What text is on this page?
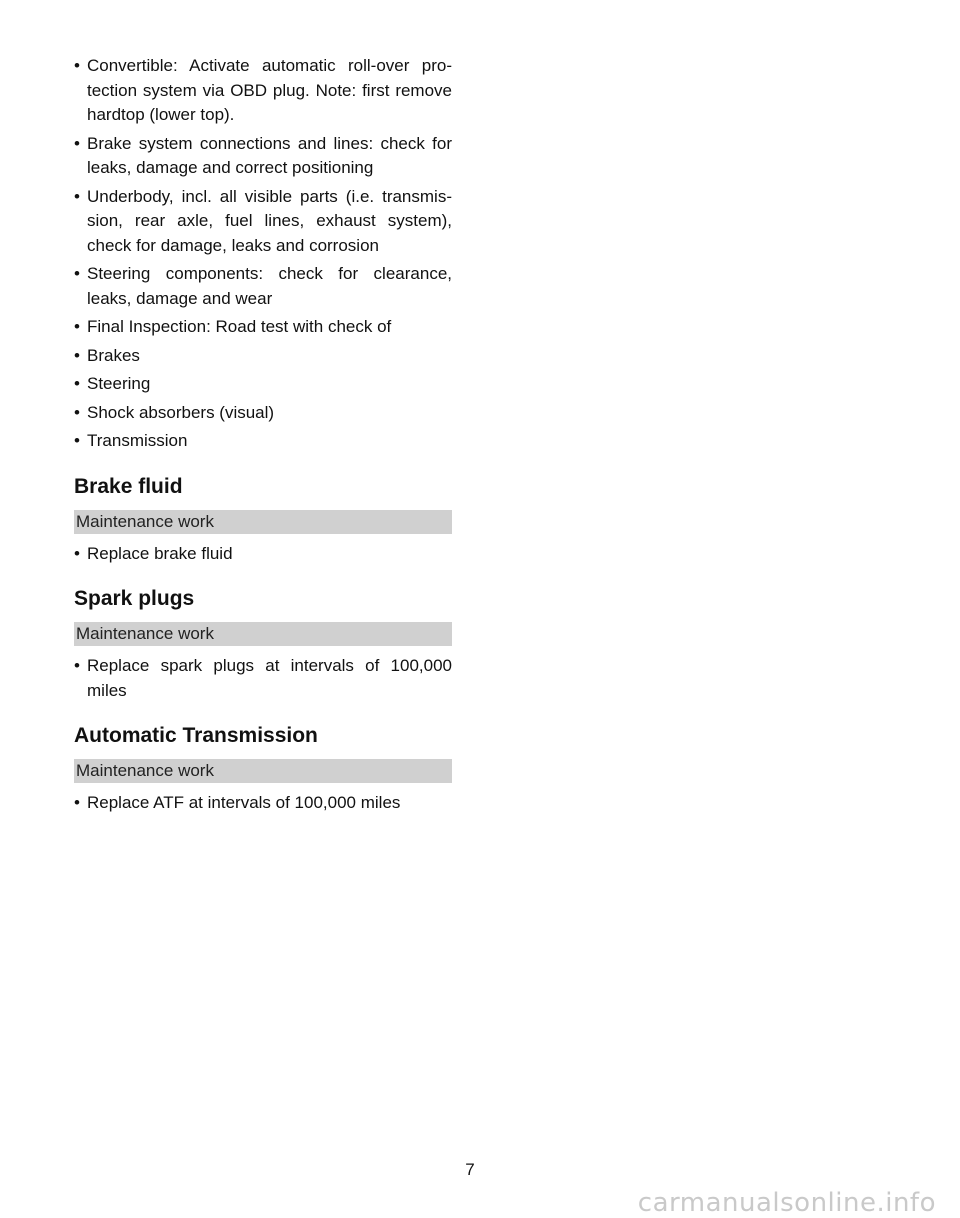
• Convertible: Activate automatic roll-over pro-tection system via OBD plug. Note: first remove hardtop (lower top).
• Brake system connections and lines: check for leaks, damage and correct positioning
• Underbody, incl. all visible parts (i.e. transmis-sion, rear axle, fuel lines, exhaust system), check for damage, leaks and corrosion
• Steering components: check for clearance, leaks, damage and wear
• Final Inspection: Road test with check of
• Brakes
• Steering
• Shock absorbers (visual)
• Transmission
Brake fluid
Maintenance work
• Replace brake fluid
Spark plugs
Maintenance work
• Replace spark plugs at intervals of 100,000 miles
Automatic Transmission
Maintenance work
• Replace ATF at intervals of 100,000 miles
7
carmanualsonline.info
